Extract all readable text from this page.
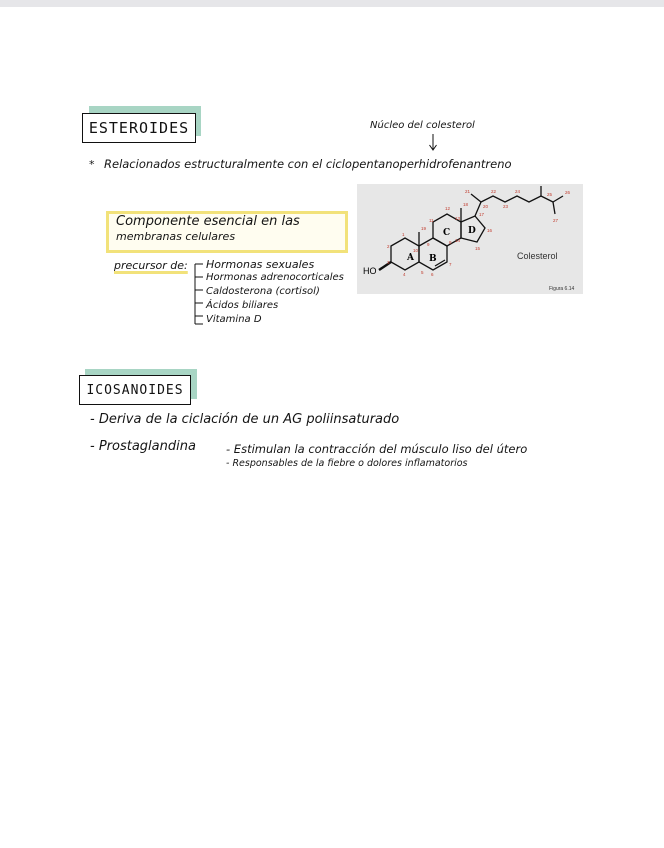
ESTEROIDES	Núcleo del colesterol
* Relacionados estructuralmente con el ciclopentanoperhidrofenantreno
Componente esencial en las
membranas celulares
precursor de: Hormonas sexuales
Hormonas adrenocorticales
Caldosterona (cortisol)
Ácidos biliares
Vitamina D
A B
C D
HO
Colesterol
Figura 6.14
1
2
3
4	5 6
7
8
9
10
11
12
13
14
15
16
17
18
19
20
21	22
23
24
25	26
27
ICOSANOIDES
- Deriva de la ciclación de un AG poliinsaturado
- Prostaglandina	- Estimulan la contracción del músculo liso del útero
- Responsables de la fiebre o dolores inflamatorios
